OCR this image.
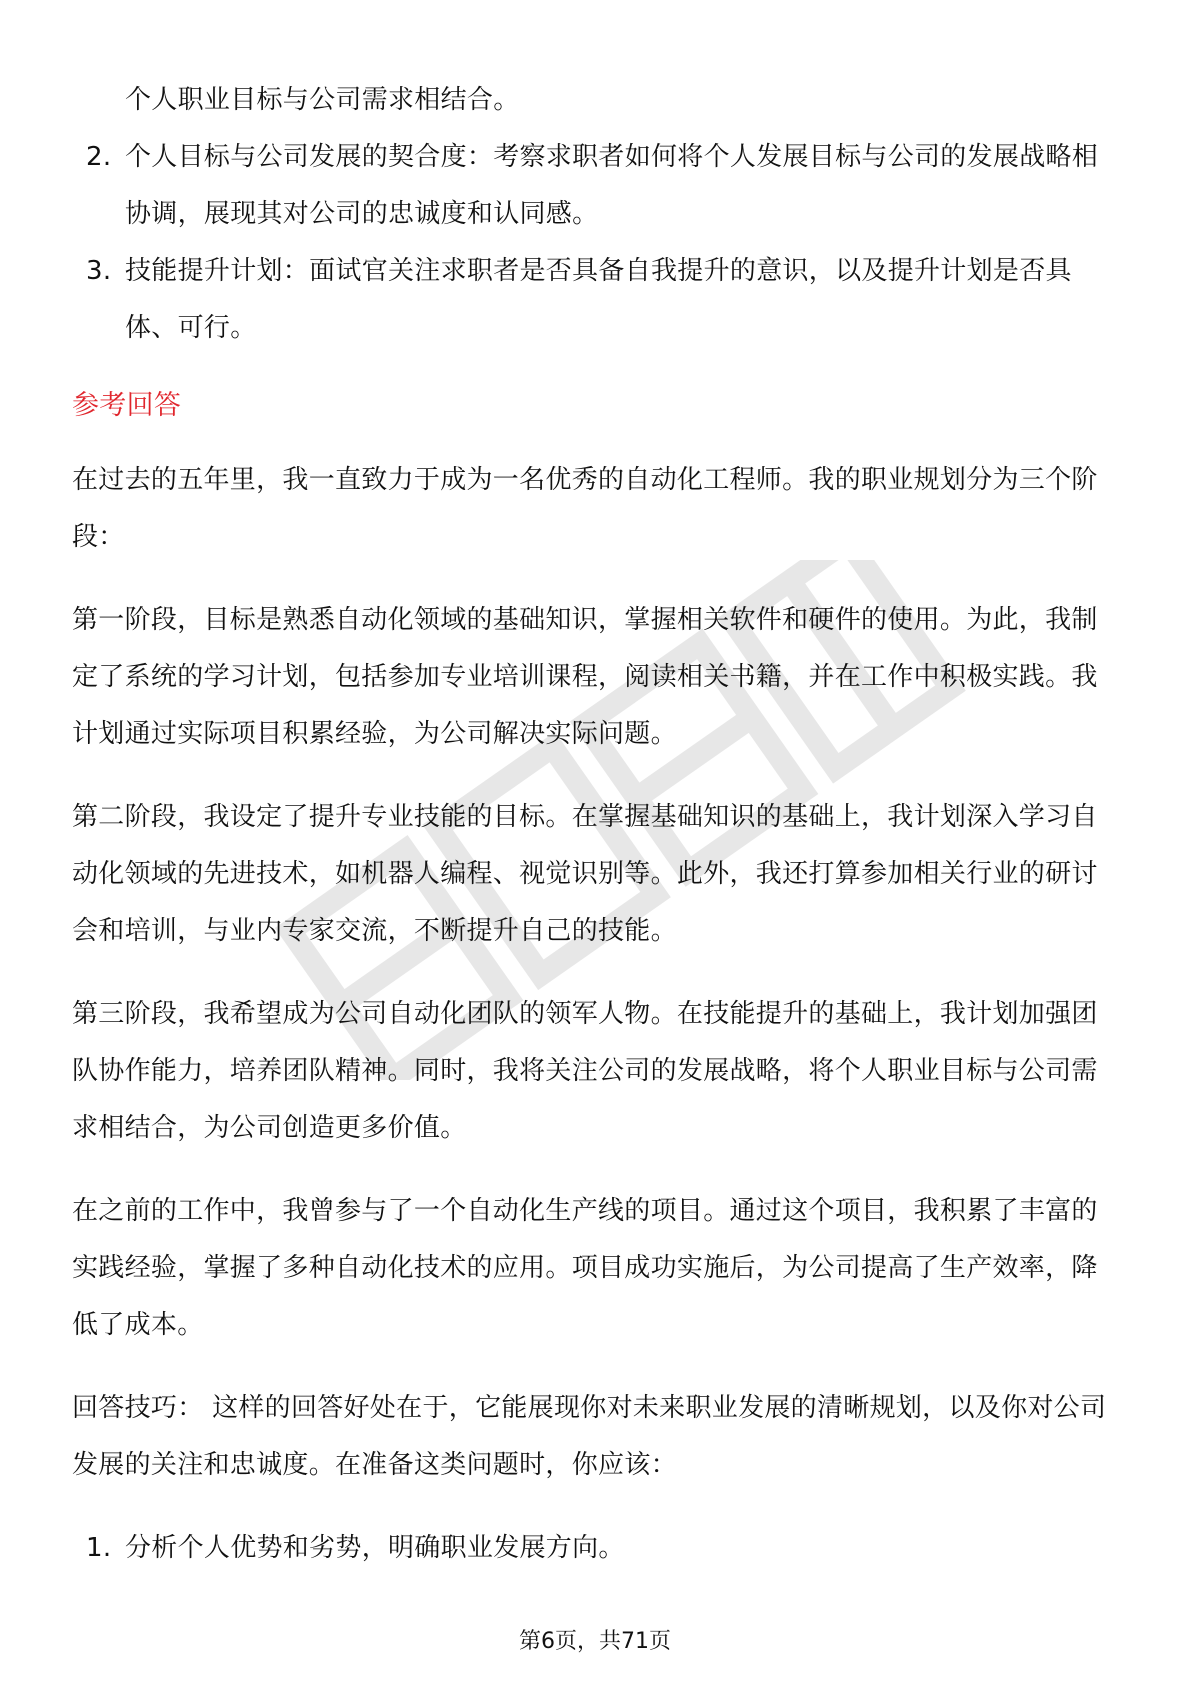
个人职业目标与公司需求相结合。

2. 个人目标与公司发展的契合度：考察求职者如何将个人发展目标与公司的发展战略相协调，展现其对公司的忠诚度和认同感。
3. 技能提升计划：面试官关注求职者是否具备自我提升的意识，以及提升计划是否具体、可行。
参考回答

在过去的五年里，我一直致力于成为一名优秀的自动化工程师。我的职业规划分为三个阶段：

第一阶段，目标是熟悉自动化领域的基础知识，掌握相关软件和硬件的使用。为此，我制定了系统的学习计划，包括参加专业培训课程，阅读相关书籍，并在工作中积极实践。我计划通过实际项目积累经验，为公司解决实际问题。

第二阶段，我设定了提升专业技能的目标。在掌握基础知识的基础上，我计划深入学习自动化领域的先进技术，如机器人编程、视觉识别等。此外，我还打算参加相关行业的研讨会和培训，与业内专家交流，不断提升自己的技能。

第三阶段，我希望成为公司自动化团队的领军人物。在技能提升的基础上，我计划加强团队协作能力，培养团队精神。同时，我将关注公司的发展战略，将个人职业目标与公司需求相结合，为公司创造更多价值。

在之前的工作中，我曾参与了一个自动化生产线的项目。通过这个项目，我积累了丰富的实践经验，掌握了多种自动化技术的应用。项目成功实施后，为公司提高了生产效率，降低了成本。

回答技巧： 这样的回答好处在于，它能展现你对未来职业发展的清晰规划，以及你对公司发展的关注和忠诚度。在准备这类问题时，你应该：

1. 分析个人优势和劣势，明确职业发展方向。
第6页，共71页
